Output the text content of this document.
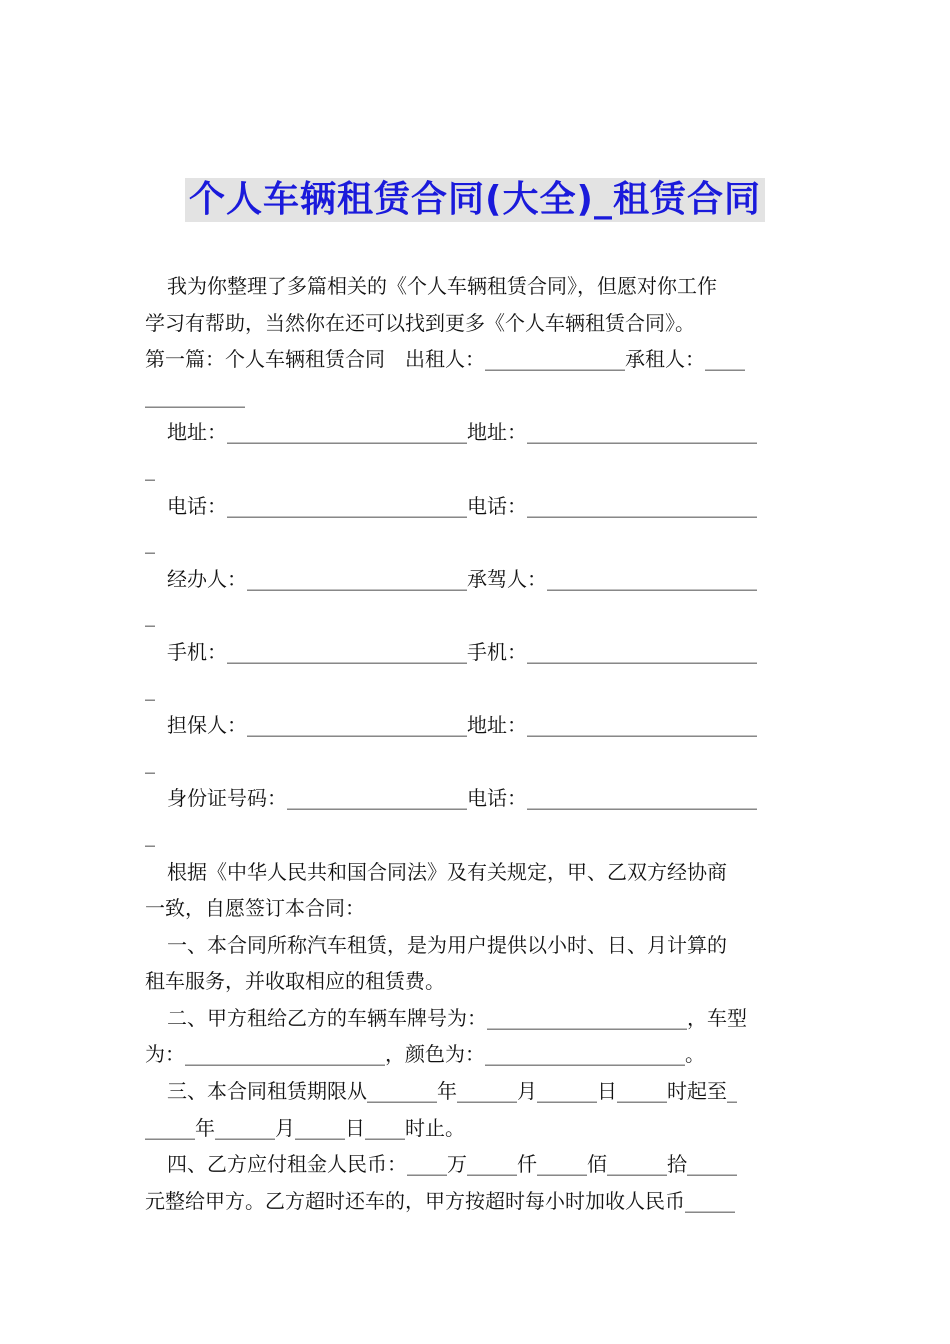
个人车辆租赁合同(大全)_租赁合同
我为你整理了多篇相关的《个人车辆租赁合同》，但愿对你工作
学习有帮助，当然你在还可以找到更多《个人车辆租赁合同》。
第一篇：个人车辆租赁合同　出租人：______________承租人：____
__________
地址：________________________地址：_______________________
_
电话：________________________电话：_______________________
_
经办人：______________________承驾人：_____________________
_
手机：________________________手机：_______________________
_
担保人：______________________地址：_______________________
_
身份证号码：__________________电话：_______________________
_
根据《中华人民共和国合同法》及有关规定，甲、乙双方经协商
一致，自愿签订本合同：
一、本合同所称汽车租赁，是为用户提供以小时、日、月计算的
租车服务，并收取相应的租赁费。
二、甲方租给乙方的车辆车牌号为：____________________，车型
为：____________________，颜色为：____________________。
三、本合同租赁期限从_______年______月______日_____时起至_
_____年______月_____日____时止。
四、乙方应付租金人民币：____万_____仟_____佰______拾_____
元整给甲方。乙方超时还车的，甲方按超时每小时加收人民币_____
